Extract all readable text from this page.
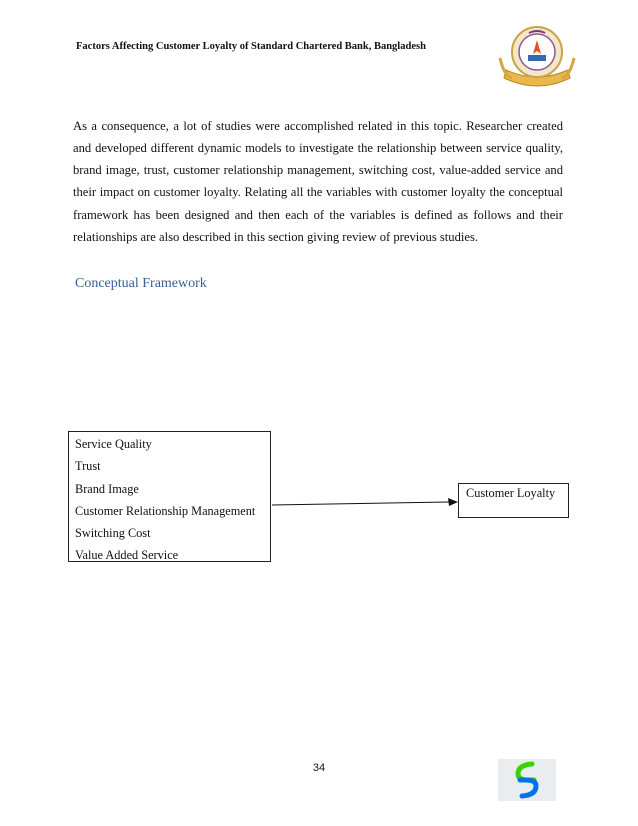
Factors Affecting Customer Loyalty of Standard Chartered Bank, Bangladesh

As a consequence, a lot of studies were accomplished related in this topic. Researcher created and developed different dynamic models to investigate the relationship between service quality, brand image, trust, customer relationship management, switching cost, value-added service and their impact on customer loyalty. Relating all the variables with customer loyalty the conceptual framework has been designed and then each of the variables is defined as follows and their relationships are also described in this section giving review of previous studies.

Conceptual Framework
Service Quality
Trust
Brand Image
Customer Relationship Management
Switching Cost
Value Added Service
Customer Loyalty
34
